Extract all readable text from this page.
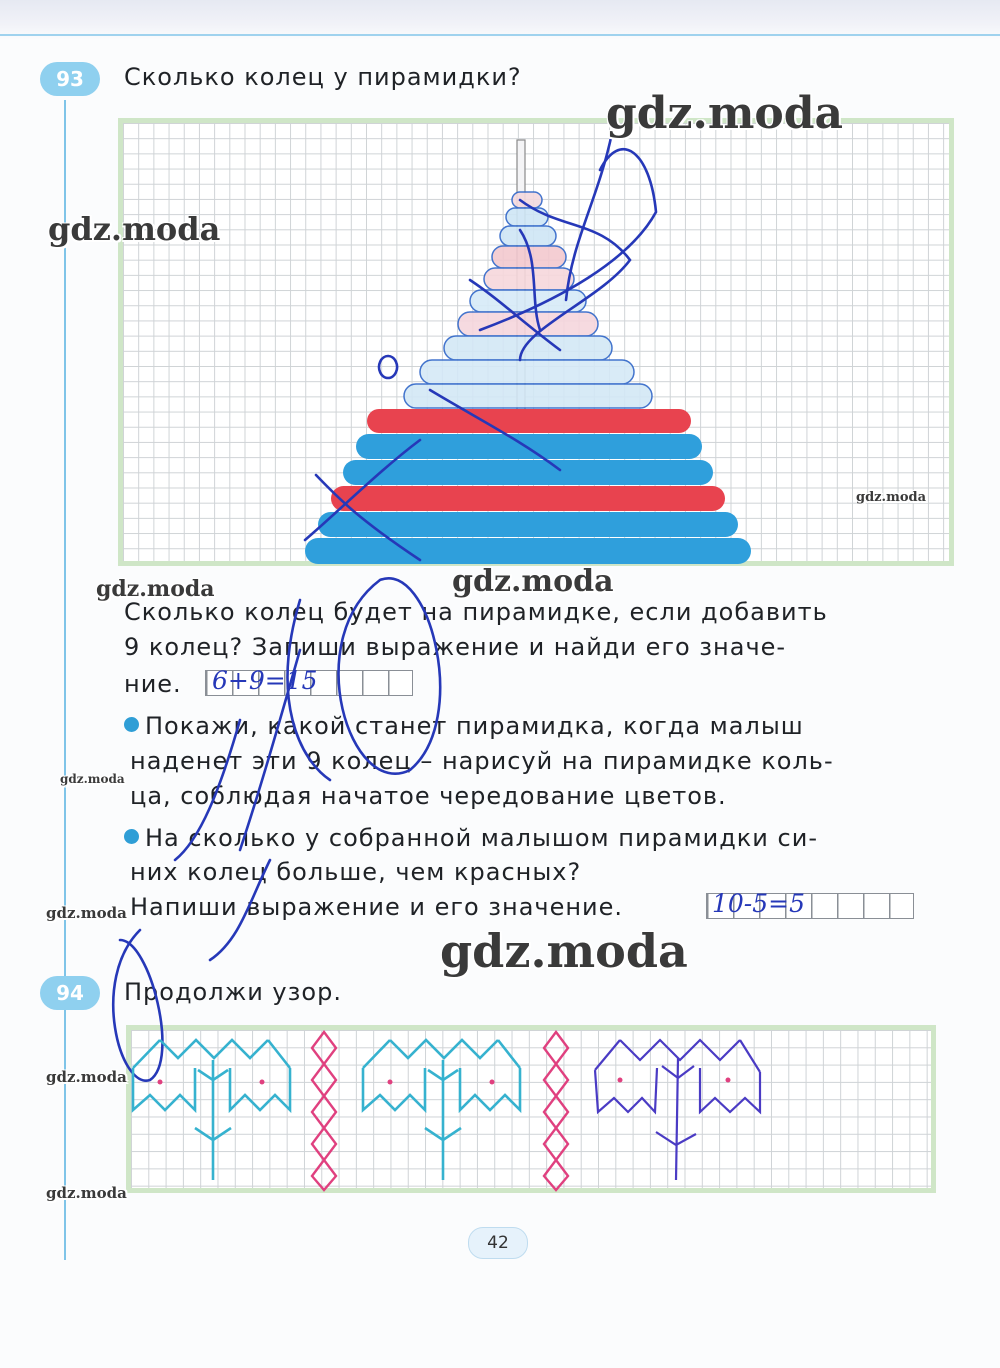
93	Сколько колец у пирамидки?
Сколько колец будет на пирамидке, если добавить
9 колец? Запиши выражение и найди его значе-
ние. 6+9=15
Покажи, какой станет пирамидка, когда малыш
наденет эти 9 колец – нарисуй на пирамидке коль-
ца, соблюдая начатое чередование цветов.
На сколько у собранной малышом пирамидки си-
них колец больше, чем красных?
Напиши выражение и его значение.	10-5=5
94	Продолжи узор.
42
gdz.moda
gdz.moda
gdz.moda
gdz.moda	gdz.moda
gdz.moda
gdz.moda
gdz.moda
gdz.moda
gdz.moda
